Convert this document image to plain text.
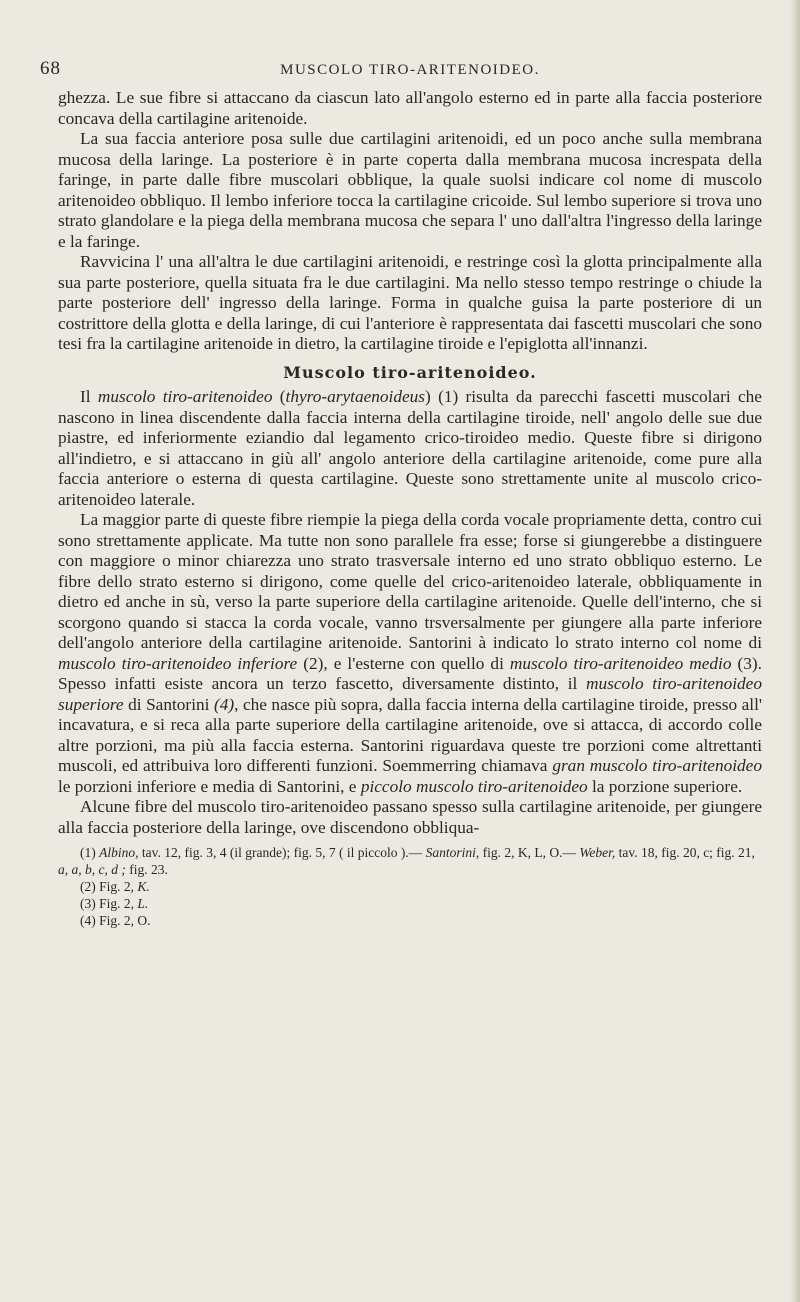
68	MUSCOLO TIRO-ARITENOIDEO.

ghezza. Le sue fibre si attaccano da ciascun lato all'angolo esterno ed in parte alla faccia posteriore concava della cartilagine aritenoide.

La sua faccia anteriore posa sulle due cartilagini aritenoidi, ed un poco anche sulla membrana mucosa della laringe. La posteriore è in parte coperta dalla membrana mucosa increspata della faringe, in parte dalle fibre muscolari obblique, la quale suolsi indicare col nome di muscolo aritenoideo obbliquo. Il lembo inferiore tocca la cartilagine cricoide. Sul lembo superiore si trova uno strato glandolare e la piega della membrana mucosa che separa l' uno dall'altra l'ingresso della laringe e la faringe.

Ravvicina l' una all'altra le due cartilagini aritenoidi, e restringe così la glotta principalmente alla sua parte posteriore, quella situata fra le due cartilagini. Ma nello stesso tempo restringe o chiude la parte posteriore dell' ingresso della laringe. Forma in qualche guisa la parte posteriore di un costrittore della glotta e della laringe, di cui l'anteriore è rappresentata dai fascetti muscolari che sono tesi fra la cartilagine aritenoide in dietro, la cartilagine tiroide e l'epiglotta all'innanzi.

Muscolo tiro-aritenoideo.

Il muscolo tiro-aritenoideo (thyro-arytaenoideus) (1) risulta da parecchi fascetti muscolari che nascono in linea discendente dalla faccia interna della cartilagine tiroide, nell' angolo delle sue due piastre, ed inferiormente eziandio dal legamento crico-tiroideo medio. Queste fibre si dirigono all'indietro, e si attaccano in giù all' angolo anteriore della cartilagine aritenoide, come pure alla faccia anteriore o esterna di questa cartilagine. Queste sono strettamente unite al muscolo crico-aritenoideo laterale.

La maggior parte di queste fibre riempie la piega della corda vocale propriamente detta, contro cui sono strettamente applicate. Ma tutte non sono parallele fra esse; forse si giungerebbe a distinguere con maggiore o minor chiarezza uno strato trasversale interno ed uno strato obbliquo esterno. Le fibre dello strato esterno si dirigono, come quelle del crico-aritenoideo laterale, obbliquamente in dietro ed anche in sù, verso la parte superiore della cartilagine aritenoide. Quelle dell'interno, che si scorgono quando si stacca la corda vocale, vanno trsversalmente per giungere alla parte inferiore dell'angolo anteriore della cartilagine aritenoide. Santorini à indicato lo strato interno col nome di muscolo tiro-aritenoideo inferiore (2), e l'esterne con quello di muscolo tiro-aritenoideo medio (3). Spesso infatti esiste ancora un terzo fascetto, diversamente distinto, il muscolo tiro-aritenoideo superiore di Santorini (4), che nasce più sopra, dalla faccia interna della cartilagine tiroide, presso all' incavatura, e si reca alla parte superiore della cartilagine aritenoide, ove si attacca, di accordo colle altre porzioni, ma più alla faccia esterna. Santorini riguardava queste tre porzioni come altrettanti muscoli, ed attribuiva loro differenti funzioni. Soemmerring chiamava gran muscolo tiro-aritenoideo le porzioni inferiore e media di Santorini, e piccolo muscolo tiro-aritenoideo la porzione superiore.

Alcune fibre del muscolo tiro-aritenoideo passano spesso sulla cartilagine aritenoide, per giungere alla faccia posteriore della laringe, ove discendono obbliqua-

(1) Albino, tav. 12, fig. 3, 4 (il grande); fig. 5, 7 ( il piccolo ).— Santorini, fig. 2, K, L, O.— Weber, tav. 18, fig. 20, c; fig. 21, a, a, b, c, d ; fig. 23.

(2) Fig. 2, K.

(3) Fig. 2, L.

(4) Fig. 2, O.
